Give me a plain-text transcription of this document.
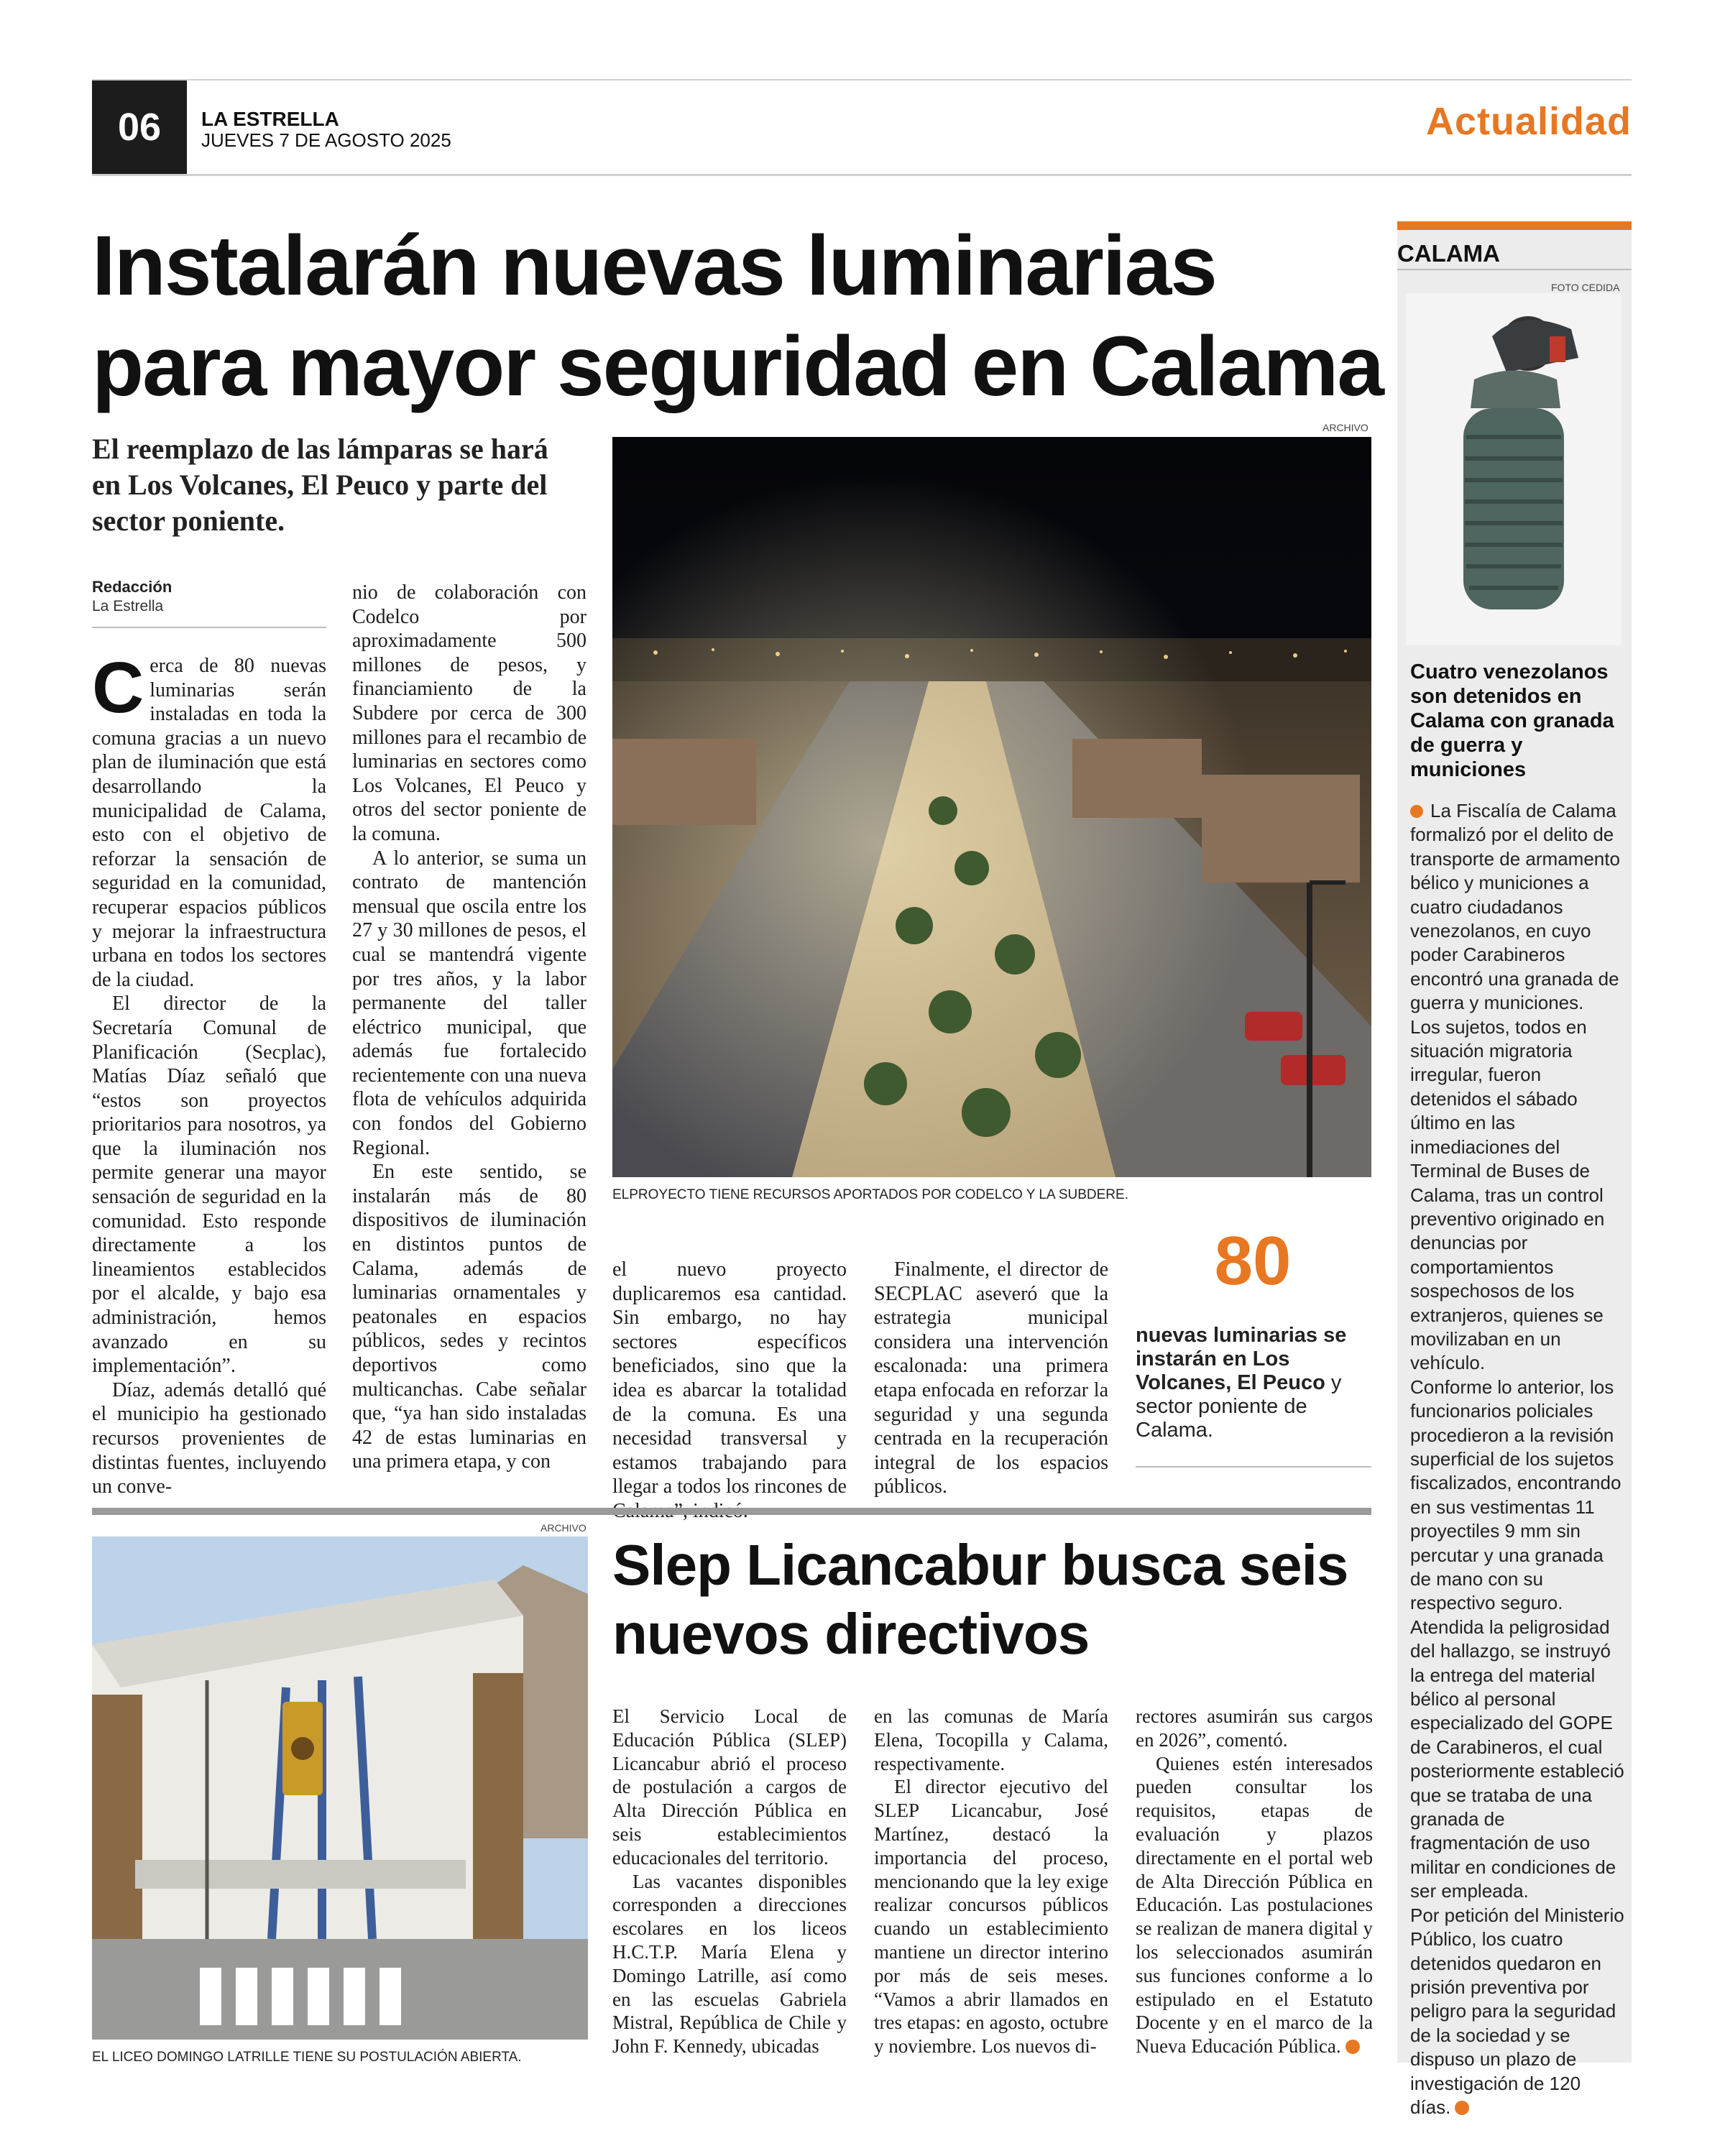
06	LA ESTRELLA
JUEVES 7 DE AGOSTO 2025	Actualidad
Instalarán nuevas luminarias para mayor seguridad en Calama
El reemplazo de las lámparas se hará en Los Volcanes, El Peuco y parte del sector poniente.
Redacción
La Estrella

Cerca de 80 nuevas luminarias serán instaladas en toda la comuna gracias a un nuevo plan de iluminación que está desarrollando la municipalidad de Calama, esto con el objetivo de reforzar la sensación de seguridad en la comunidad, recuperar espacios públicos y mejorar la infraestructura urbana en todos los sectores de la ciudad.

El director de la Secretaría Comunal de Planificación (Secplac), Matías Díaz señaló que “estos son proyectos prioritarios para nosotros, ya que la iluminación nos permite generar una mayor sensación de seguridad en la comunidad. Esto responde directamente a los lineamientos establecidos por el alcalde, y bajo esa administración, hemos avanzado en su implementación”.

Díaz, además detalló qué el municipio ha gestionado recursos provenientes de distintas fuentes, incluyendo un conve-

nio de colaboración con Codelco por aproximadamente 500 millones de pesos, y financiamiento de la Subdere por cerca de 300 millones para el recambio de luminarias en sectores como Los Volcanes, El Peuco y otros del sector poniente de la comuna.

A lo anterior, se suma un contrato de mantención mensual que oscila entre los 27 y 30 millones de pesos, el cual se mantendrá vigente por tres años, y la labor permanente del taller eléctrico municipal, que además fue fortalecido recientemente con una nueva flota de vehículos adquirida con fondos del Gobierno Regional.

En este sentido, se instalarán más de 80 dispositivos de iluminación en distintos puntos de Calama, además de luminarias ornamentales y peatonales en espacios públicos, sedes y recintos deportivos como multicanchas. Cabe señalar que, “ya han sido instaladas 42 de estas luminarias en una primera etapa, y con

ARCHIVO
ELPROYECTO TIENE RECURSOS APORTADOS POR CODELCO Y LA SUBDERE.

el nuevo proyecto duplicaremos esa cantidad. Sin embargo, no hay sectores específicos beneficiados, sino que la idea es abarcar la totalidad de la comuna. Es una necesidad transversal y estamos trabajando para llegar a todos los rincones de

Finalmente, el director de SECPLAC aseveró que la estrategia municipal considera una intervención escalonada: una primera etapa enfocada en reforzar la seguridad y una segunda centrada en la recuperación integral de los espacios públicos.

80
nuevas luminarias se instarán en Los Volcanes, El Peuco y sector poniente de Calama.
ARCHIVO
EL LICEO DOMINGO LATRILLE TIENE SU POSTULACIÓN ABIERTA.
Slep Licancabur busca seis nuevos directivos

El Servicio Local de Educación Pública (SLEP) Licancabur abrió el proceso de postulación a cargos de Alta Dirección Pública en seis establecimientos educacionales del territorio.

Las vacantes disponibles corresponden a direcciones escolares en los liceos H.C.T.P. María Elena y Domingo Latrille, así como en las escuelas Gabriela Mistral, República de Chile y John F. Kennedy, ubicadas

en las comunas de María Elena, Tocopilla y Calama, respectivamente.

El director ejecutivo del SLEP Licancabur, José Martínez, destacó la importancia del proceso, mencionando que la ley exige realizar concursos públicos cuando un establecimiento mantiene un director interino por más de seis meses. “Vamos a abrir llamados en tres etapas: en agosto, octubre y noviembre. Los nuevos di-

rectores asumirán sus cargos en 2026”, comentó.

Quienes estén interesados pueden consultar los requisitos, etapas de evaluación y plazos directamente en el portal web de Alta Dirección Pública en Educación. Las postulaciones se realizan de manera digital y los seleccionados asumirán sus funciones conforme a lo estipulado en el Estatuto Docente y en el marco de la Nueva Educación Pública.

CALAMA
FOTO CEDIDA
Cuatro venezolanos son detenidos en Calama con granada de guerra y municiones

La Fiscalía de Calama formalizó por el delito de transporte de armamento bélico y municiones a cuatro ciudadanos venezolanos, en cuyo poder Carabineros encontró una granada de guerra y municiones.

Los sujetos, todos en situación migratoria irregular, fueron detenidos el sábado último en las inmediaciones del Terminal de Buses de Calama, tras un control preventivo originado en denuncias por comportamientos sospechosos de los extranjeros, quienes se movilizaban en un vehículo.

Conforme lo anterior, los funcionarios policiales procedieron a la revisión superficial de los sujetos fiscalizados, encontrando en sus vestimentas 11 proyectiles 9 mm sin percutar y una granada de mano con su respectivo seguro.

Atendida la peligrosidad del hallazgo, se instruyó la entrega del material bélico al personal especializado del GOPE de Carabineros, el cual posteriormente estableció que se trataba de una granada de fragmentación de uso militar en condiciones de ser empleada.

Por petición del Ministerio Público, los cuatro detenidos quedaron en prisión preventiva por peligro para la seguridad de la sociedad y se dispuso un plazo de investigación de 120 días.
